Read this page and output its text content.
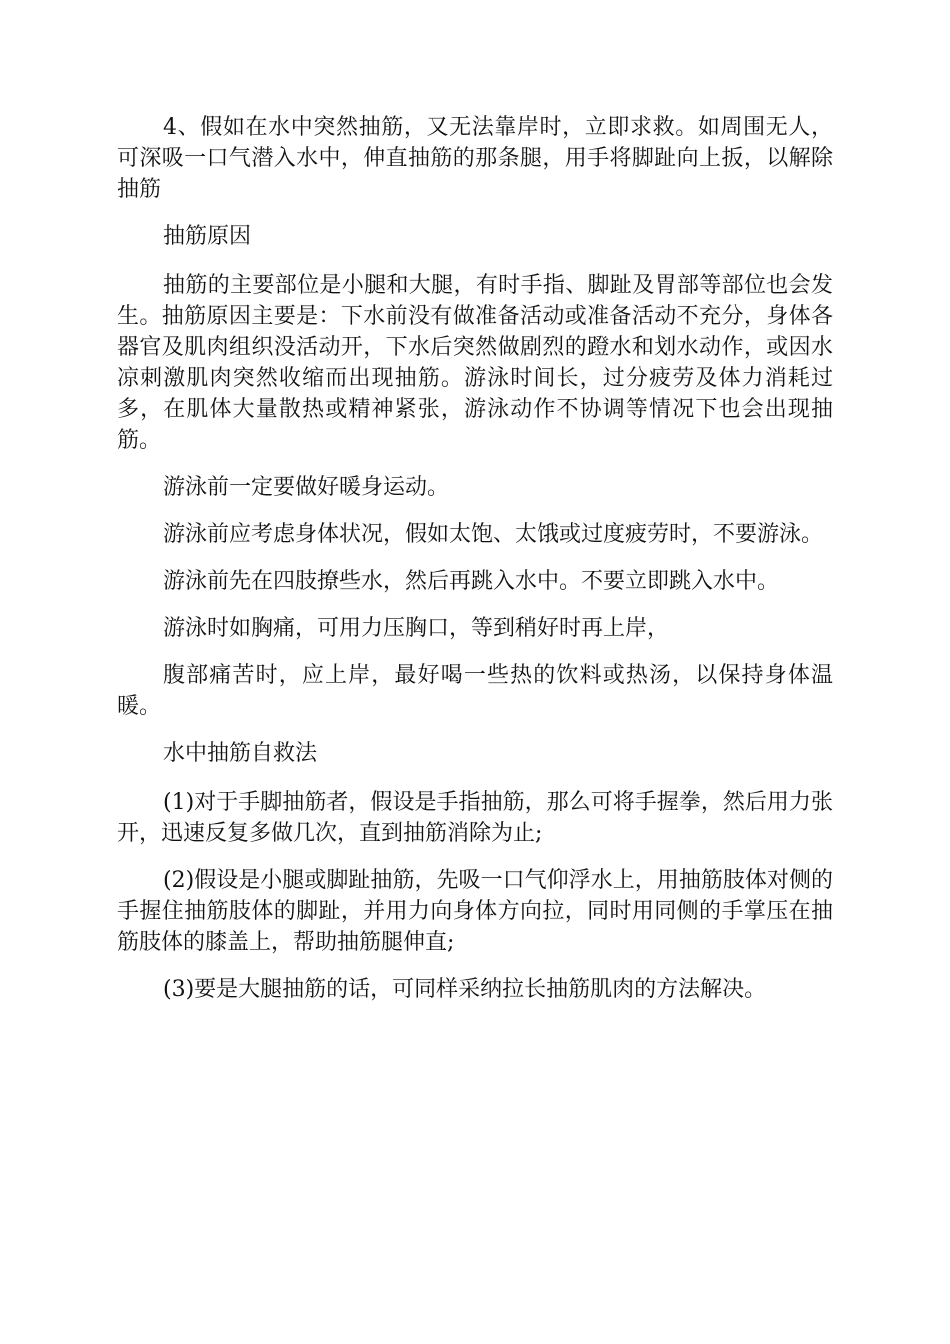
4、假如在水中突然抽筋，又无法靠岸时，立即求救。如周围无人，可深吸一口气潜入水中，伸直抽筋的那条腿，用手将脚趾向上扳，以解除抽筋

抽筋原因

抽筋的主要部位是小腿和大腿，有时手指、脚趾及胃部等部位也会发生。抽筋原因主要是：下水前没有做准备活动或准备活动不充分，身体各器官及肌肉组织没活动开，下水后突然做剧烈的蹬水和划水动作，或因水凉刺激肌肉突然收缩而出现抽筋。游泳时间长，过分疲劳及体力消耗过多，在肌体大量散热或精神紧张，游泳动作不协调等情况下也会出现抽筋。

游泳前一定要做好暖身运动。

游泳前应考虑身体状况，假如太饱、太饿或过度疲劳时，不要游泳。

游泳前先在四肢撩些水，然后再跳入水中。不要立即跳入水中。

游泳时如胸痛，可用力压胸口，等到稍好时再上岸，

腹部痛苦时，应上岸，最好喝一些热的饮料或热汤，以保持身体温暖。

水中抽筋自救法

(1)对于手脚抽筋者，假设是手指抽筋，那么可将手握拳，然后用力张开，迅速反复多做几次，直到抽筋消除为止;

(2)假设是小腿或脚趾抽筋，先吸一口气仰浮水上，用抽筋肢体对侧的手握住抽筋肢体的脚趾，并用力向身体方向拉，同时用同侧的手掌压在抽筋肢体的膝盖上，帮助抽筋腿伸直;

(3)要是大腿抽筋的话，可同样采纳拉长抽筋肌肉的方法解决。
